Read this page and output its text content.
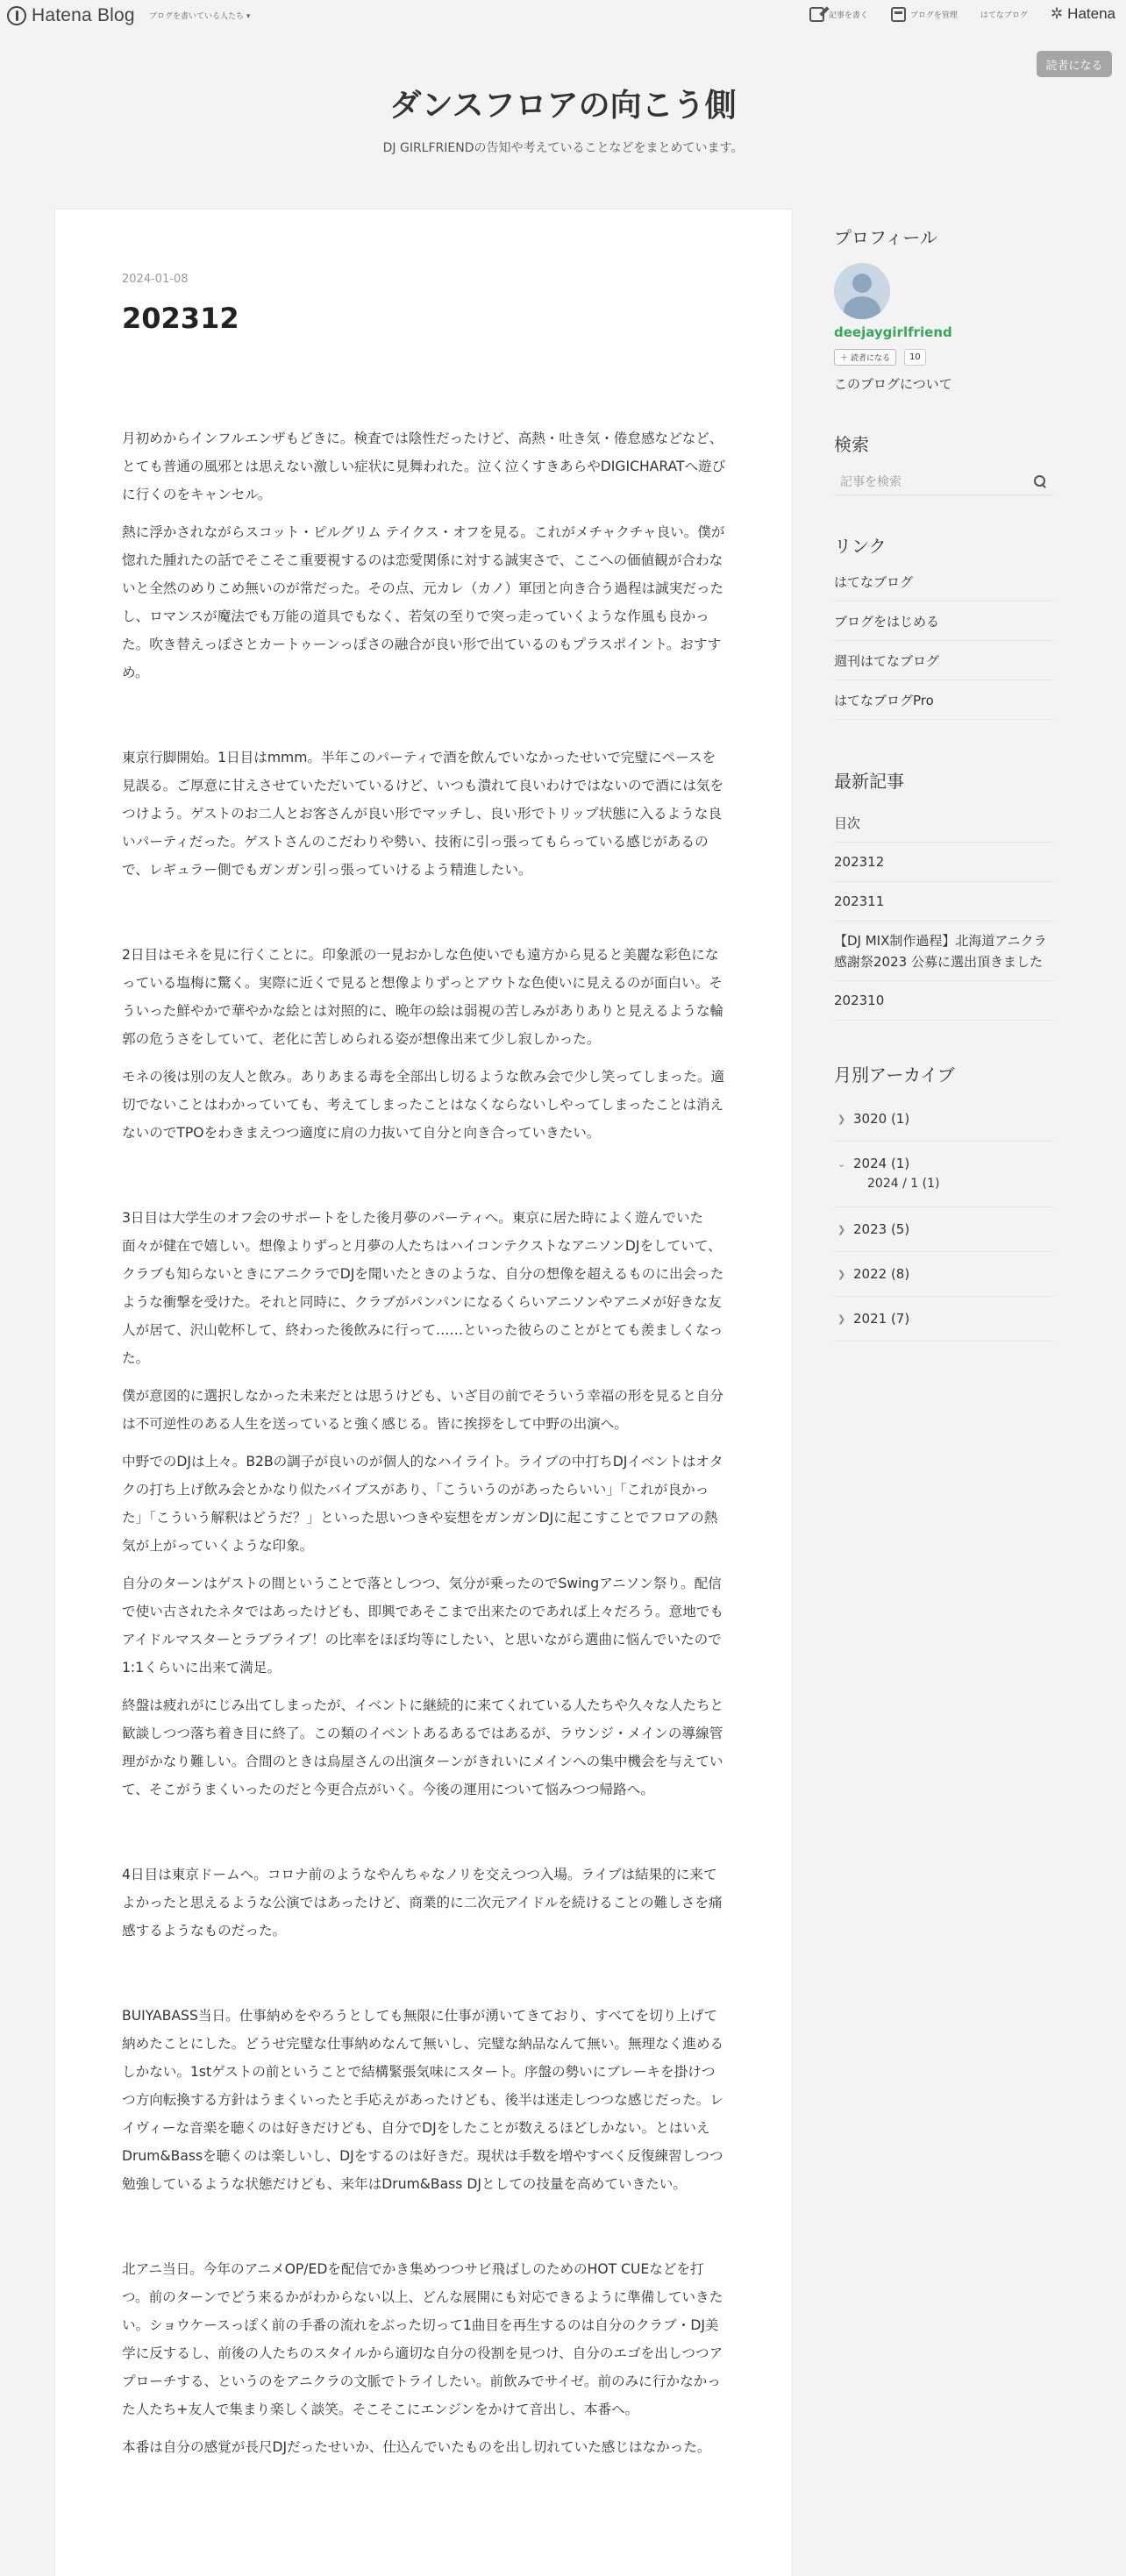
Hatena Blog ブログを書いている人たち ▾	記事を書く	ブログを管理	はてなブログ ✲ Hatena
読者になる
ダンスフロアの向こう側
DJ GIRLFRIENDの告知や考えていることなどをまとめています。
2024-01-08
202312

月初めからインフルエンザもどきに。検査では陰性だったけど、高熱・吐き気・倦怠感などなど、とても普通の風邪とは思えない激しい症状に見舞われた。泣く泣くすきあらやDIGICHARATへ遊びに行くのをキャンセル。

熱に浮かされながらスコット・ピルグリム テイクス・オフを見る。これがメチャクチャ良い。僕が惚れた腫れたの話でそこそこ重要視するのは恋愛関係に対する誠実さで、ここへの価値観が合わないと全然のめりこめ無いのが常だった。その点、元カレ（カノ）軍団と向き合う過程は誠実だったし、ロマンスが魔法でも万能の道具でもなく、若気の至りで突っ走っていくような作風も良かった。吹き替えっぽさとカートゥーンっぽさの融合が良い形で出ているのもプラスポイント。おすすめ。

東京行脚開始。1日目はmmm。半年このパーティで酒を飲んでいなかったせいで完璧にペースを見誤る。ご厚意に甘えさせていただいているけど、いつも潰れて良いわけではないので酒には気をつけよう。ゲストのお二人とお客さんが良い形でマッチし、良い形でトリップ状態に入るような良いパーティだった。ゲストさんのこだわりや勢い、技術に引っ張ってもらっている感じがあるので、レギュラー側でもガンガン引っ張っていけるよう精進したい。

2日目はモネを見に行くことに。印象派の一見おかしな色使いでも遠方から見ると美麗な彩色になっている塩梅に驚く。実際に近くで見ると想像よりずっとアウトな色使いに見えるのが面白い。そういった鮮やかで華やかな絵とは対照的に、晩年の絵は弱視の苦しみがありありと見えるような輪郭の危うさをしていて、老化に苦しめられる姿が想像出来て少し寂しかった。

モネの後は別の友人と飲み。ありあまる毒を全部出し切るような飲み会で少し笑ってしまった。適切でないことはわかっていても、考えてしまったことはなくならないしやってしまったことは消えないのでTPOをわきまえつつ適度に肩の力抜いて自分と向き合っていきたい。

3日目は大学生のオフ会のサポートをした後月夢のパーティへ。東京に居た時によく遊んでいた面々が健在で嬉しい。想像よりずっと月夢の人たちはハイコンテクストなアニソンDJをしていて、クラブも知らないときにアニクラでDJを聞いたときのような、自分の想像を超えるものに出会ったような衝撃を受けた。それと同時に、クラブがパンパンになるくらいアニソンやアニメが好きな友人が居て、沢山乾杯して、終わった後飲みに行って……といった彼らのことがとても羨ましくなった。

僕が意図的に選択しなかった未来だとは思うけども、いざ目の前でそういう幸福の形を見ると自分は不可逆性のある人生を送っていると強く感じる。皆に挨拶をして中野の出演へ。

中野でのDJは上々。B2Bの調子が良いのが個人的なハイライト。ライブの中打ちDJイベントはオタクの打ち上げ飲み会とかなり似たバイブスがあり、「こういうのがあったらいい」「これが良かった」「こういう解釈はどうだ？」といった思いつきや妄想をガンガンDJに起こすことでフロアの熱気が上がっていくような印象。

自分のターンはゲストの間ということで落としつつ、気分が乗ったのでSwingアニソン祭り。配信で使い古されたネタではあったけども、即興であそこまで出来たのであれば上々だろう。意地でもアイドルマスターとラブライブ！の比率をほぼ均等にしたい、と思いながら選曲に悩んでいたので1:1くらいに出来て満足。

終盤は疲れがにじみ出てしまったが、イベントに継続的に来てくれている人たちや久々な人たちと歓談しつつ落ち着き目に終了。この類のイベントあるあるではあるが、ラウンジ・メインの導線管理がかなり難しい。合間のときは烏屋さんの出演ターンがきれいにメインへの集中機会を与えていて、そこがうまくいったのだと今更合点がいく。今後の運用について悩みつつ帰路へ。

4日目は東京ドームへ。コロナ前のようなやんちゃなノリを交えつつ入場。ライブは結果的に来てよかったと思えるような公演ではあったけど、商業的に二次元アイドルを続けることの難しさを痛感するようなものだった。

BUIYABASS当日。仕事納めをやろうとしても無限に仕事が湧いてきており、すべてを切り上げて納めたことにした。どうせ完璧な仕事納めなんて無いし、完璧な納品なんて無い。無理なく進めるしかない。1stゲストの前ということで結構緊張気味にスタート。序盤の勢いにブレーキを掛けつつ方向転換する方針はうまくいったと手応えがあったけども、後半は迷走しつつな感じだった。レイヴィーな音楽を聴くのは好きだけども、自分でDJをしたことが数えるほどしかない。とはいえDrum&Bassを聴くのは楽しいし、DJをするのは好きだ。現状は手数を増やすべく反復練習しつつ勉強しているような状態だけども、来年はDrum&Bass DJとしての技量を高めていきたい。

北アニ当日。今年のアニメOP/EDを配信でかき集めつつサビ飛ばしのためのHOT CUEなどを打つ。前のターンでどう来るかがわからない以上、どんな展開にも対応できるように準備していきたい。ショウケースっぽく前の手番の流れをぶった切って1曲目を再生するのは自分のクラブ・DJ美学に反するし、前後の人たちのスタイルから適切な自分の役割を見つけ、自分のエゴを出しつつアプローチする、というのをアニクラの文脈でトライしたい。前飲みでサイゼ。前のみに行かなかった人たち+友人で集まり楽しく談笑。そこそこにエンジンをかけて音出し、本番へ。

本番は自分の感覚が長尺DJだったせいか、仕込んでいたものを出し切れていた感じはなかった。

プロフィール
deejaygirlfriend
＋ 読者になる	10
このブログについて
検索
記事を検索
リンク
はてなブログ
ブログをはじめる
週刊はてなブログ
はてなブログPro
最新記事
目次
202312
202311
【DJ MIX制作過程】北海道アニクラ感謝祭2023 公募に選出頂きました
202310
月別アーカイブ
❯ 3020 (1)
⌄ 2024 (1)
2024 / 1 (1)
❯ 2023 (5)
❯ 2022 (8)
❯ 2021 (7)
